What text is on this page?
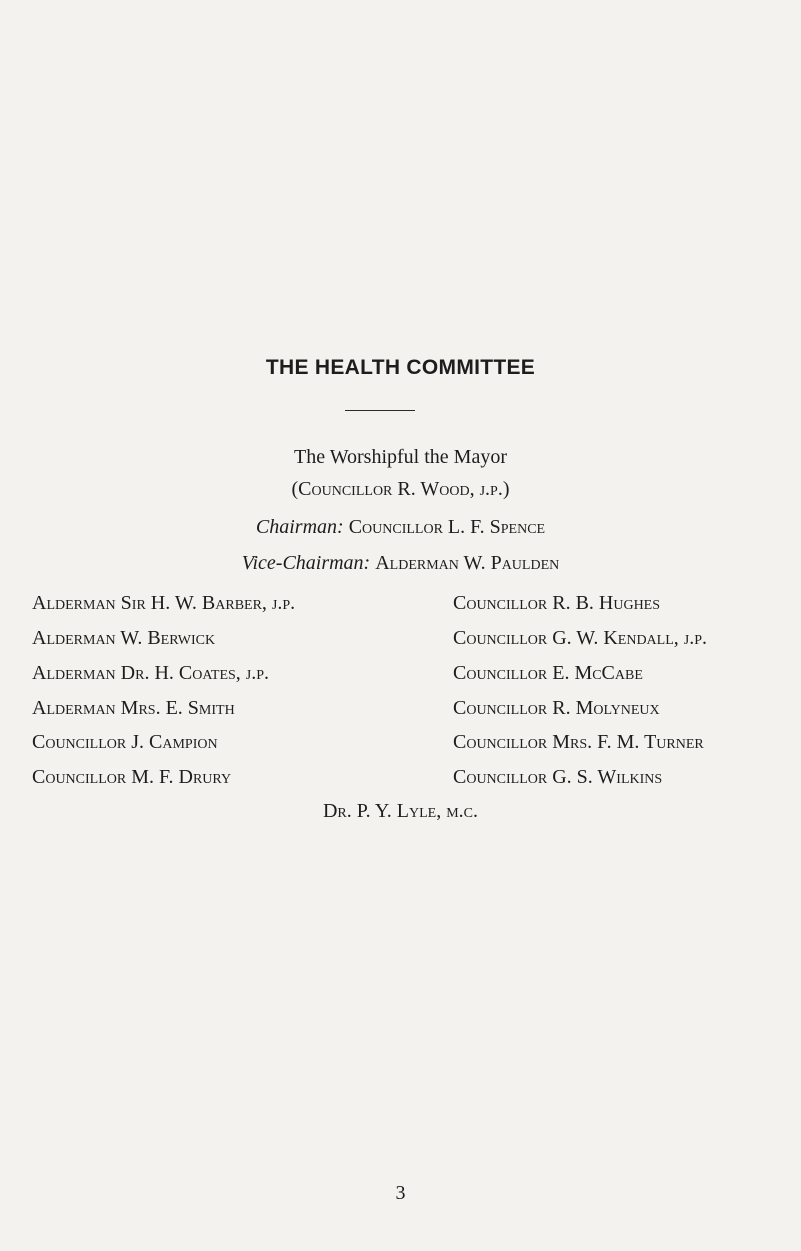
THE HEALTH COMMITTEE
The Worshipful the Mayor
(Councillor R. Wood, j.p.)
Chairman: Councillor L. F. Spence
Vice-Chairman: Alderman W. Paulden
Alderman Sir H. W. Barber, j.p.
Alderman W. Berwick
Alderman Dr. H. Coates, j.p.
Alderman Mrs. E. Smith
Councillor J. Campion
Councillor M. F. Drury
Councillor R. B. Hughes
Councillor G. W. Kendall, j.p.
Councillor E. McCabe
Councillor R. Molyneux
Councillor Mrs. F. M. Turner
Councillor G. S. Wilkins
Dr. P. Y. Lyle, m.c.
3
